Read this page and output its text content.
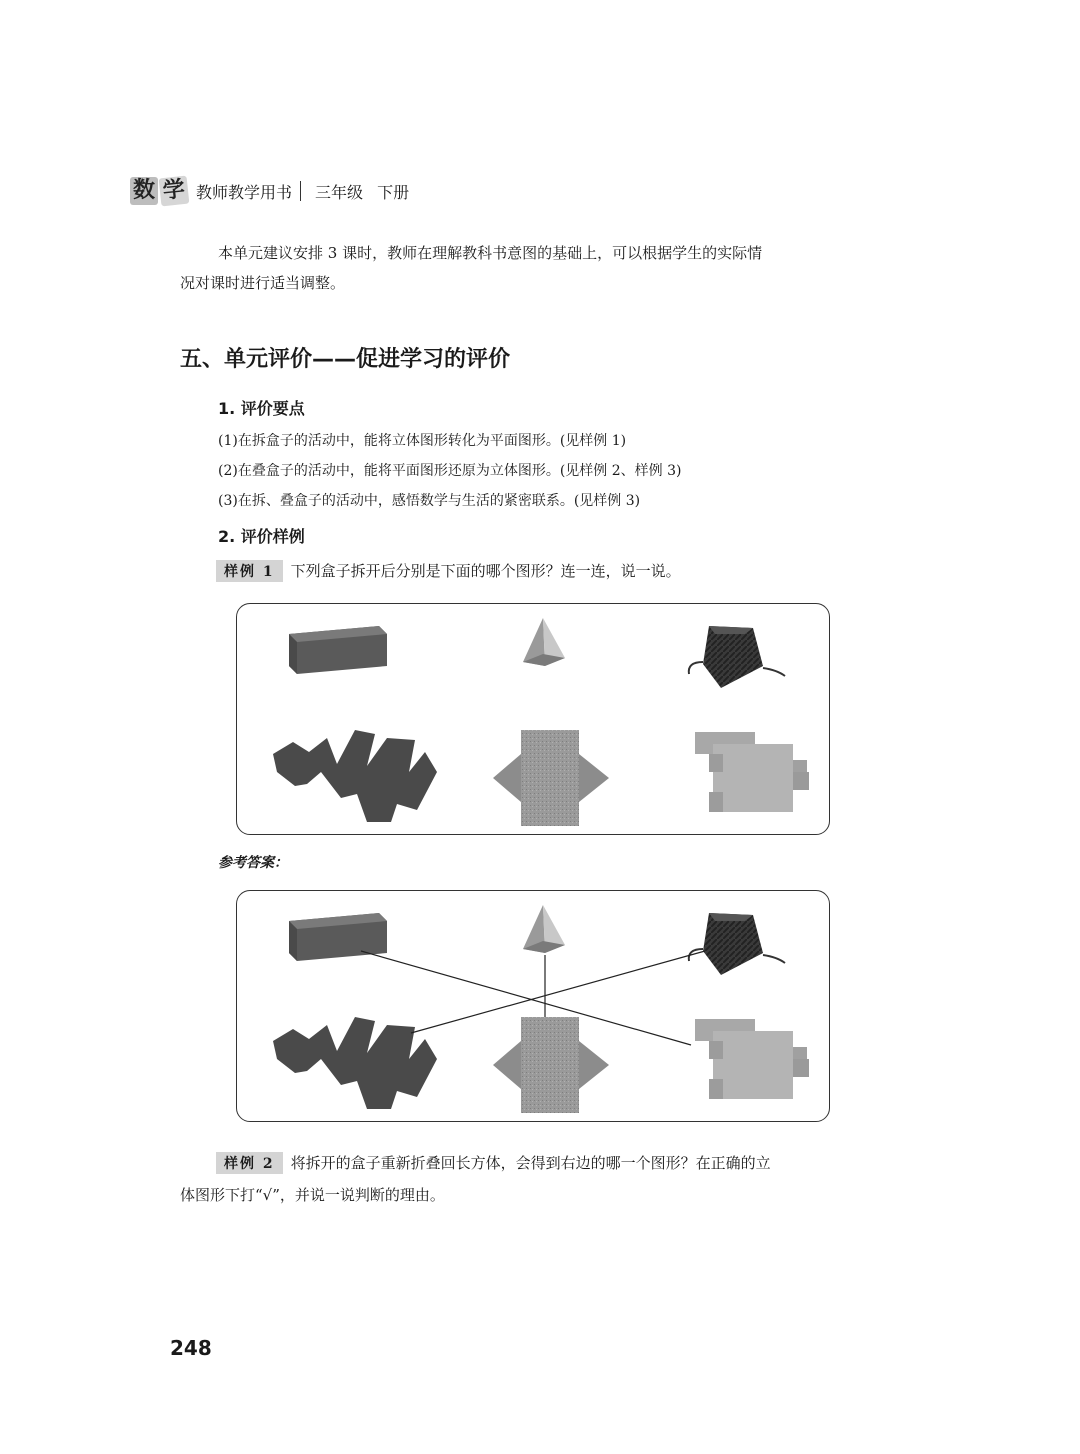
数 学 教师教学用书 三年级 下册
本单元建议安排 3 课时，教师在理解教科书意图的基础上，可以根据学生的实际情
况对课时进行适当调整。
五、单元评价——促进学习的评价
1. 评价要点
(1)在拆盒子的活动中，能将立体图形转化为平面图形。(见样例 1)
(2)在叠盒子的活动中，能将平面图形还原为立体图形。(见样例 2、样例 3)
(3)在拆、叠盒子的活动中，感悟数学与生活的紧密联系。(见样例 3)
2. 评价样例
样例 1 下列盒子拆开后分别是下面的哪个图形？连一连，说一说。
参考答案：
样例 2 将拆开的盒子重新折叠回长方体，会得到右边的哪一个图形？在正确的立
体图形下打“√”，并说一说判断的理由。
248
